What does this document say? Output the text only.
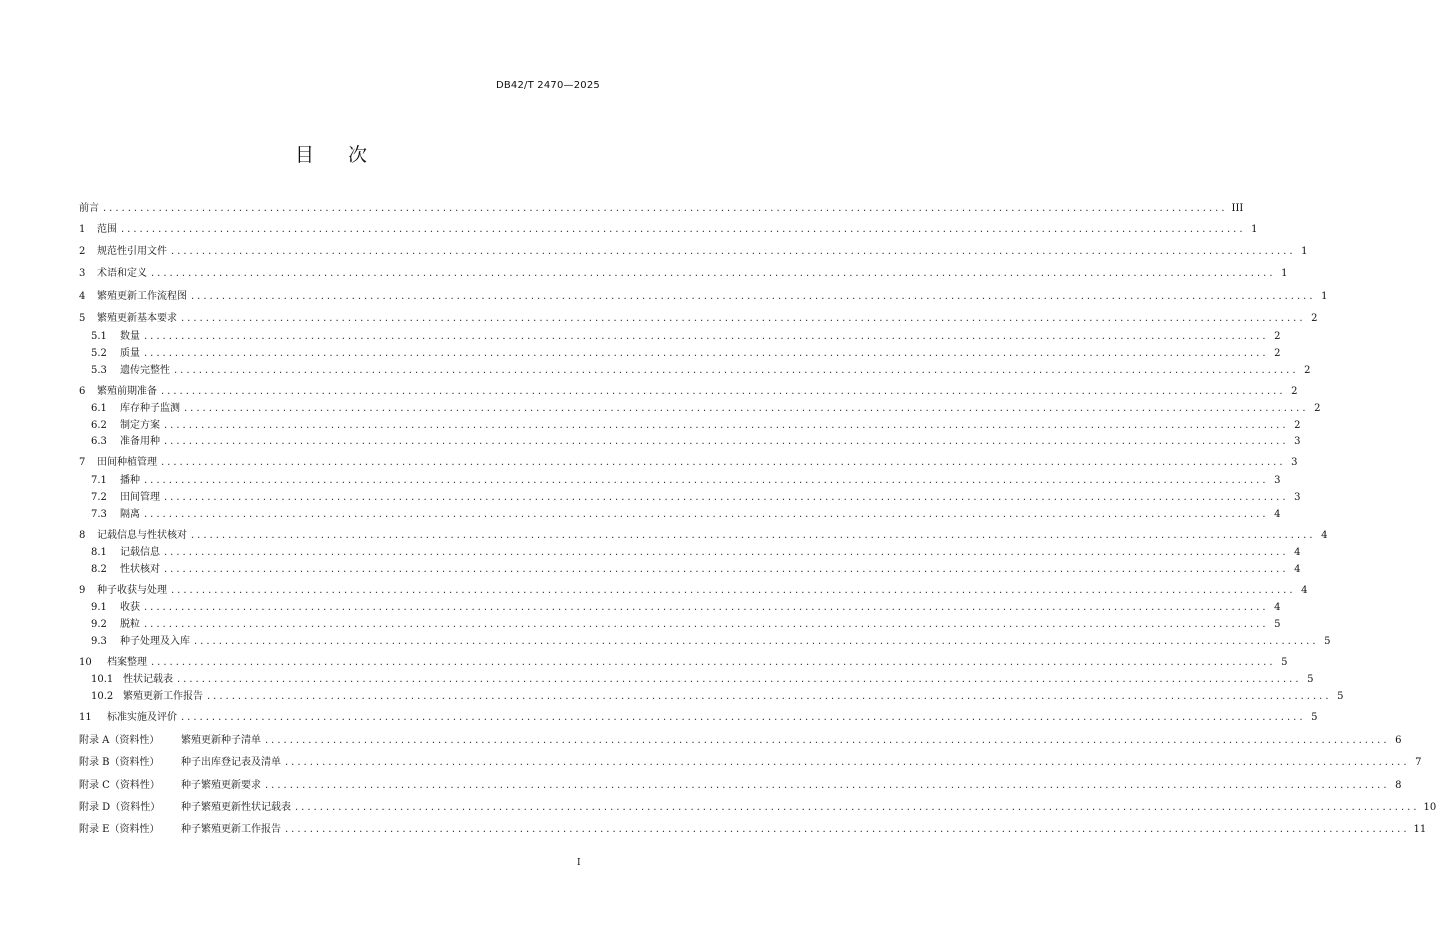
DB42/T 2470—2025
目 次
前言 ...................................................................................................................................................................................... III
1	范围 ...................................................................................................................................................................................... 1
2	规范性引用文件 ...................................................................................................................................................................................... 1
3	术语和定义 ...................................................................................................................................................................................... 1
4	繁殖更新工作流程图 ...................................................................................................................................................................................... 1
5	繁殖更新基本要求 ...................................................................................................................................................................................... 2
5.1	数量 ...................................................................................................................................................................................... 2
5.2	质量 ...................................................................................................................................................................................... 2
5.3	遗传完整性 ...................................................................................................................................................................................... 2
6	繁殖前期准备 ...................................................................................................................................................................................... 2
6.1	库存种子监测 ...................................................................................................................................................................................... 2
6.2	制定方案 ...................................................................................................................................................................................... 2
6.3	准备用种 ...................................................................................................................................................................................... 3
7	田间种植管理 ...................................................................................................................................................................................... 3
7.1	播种 ...................................................................................................................................................................................... 3
7.2	田间管理 ...................................................................................................................................................................................... 3
7.3	隔离 ...................................................................................................................................................................................... 4
8	记载信息与性状核对 ...................................................................................................................................................................................... 4
8.1	记载信息 ...................................................................................................................................................................................... 4
8.2	性状核对 ...................................................................................................................................................................................... 4
9	种子收获与处理 ...................................................................................................................................................................................... 4
9.1	收获 ...................................................................................................................................................................................... 4
9.2	脱粒 ...................................................................................................................................................................................... 5
9.3	种子处理及入库 ...................................................................................................................................................................................... 5
10	档案整理 ...................................................................................................................................................................................... 5
10.1 性状记载表 ...................................................................................................................................................................................... 5
10.2 繁殖更新工作报告 ...................................................................................................................................................................................... 5
11	标准实施及评价 ...................................................................................................................................................................................... 5
附录 A（资料性）	繁殖更新种子清单 ...................................................................................................................................................................................... 6
附录 B（资料性）	种子出库登记表及清单 ...................................................................................................................................................................................... 7
附录 C（资料性）	种子繁殖更新要求 ...................................................................................................................................................................................... 8
附录 D（资料性）	种子繁殖更新性状记载表 ...................................................................................................................................................................................... 10
附录 E（资料性）	种子繁殖更新工作报告 ...................................................................................................................................................................................... 11
I
